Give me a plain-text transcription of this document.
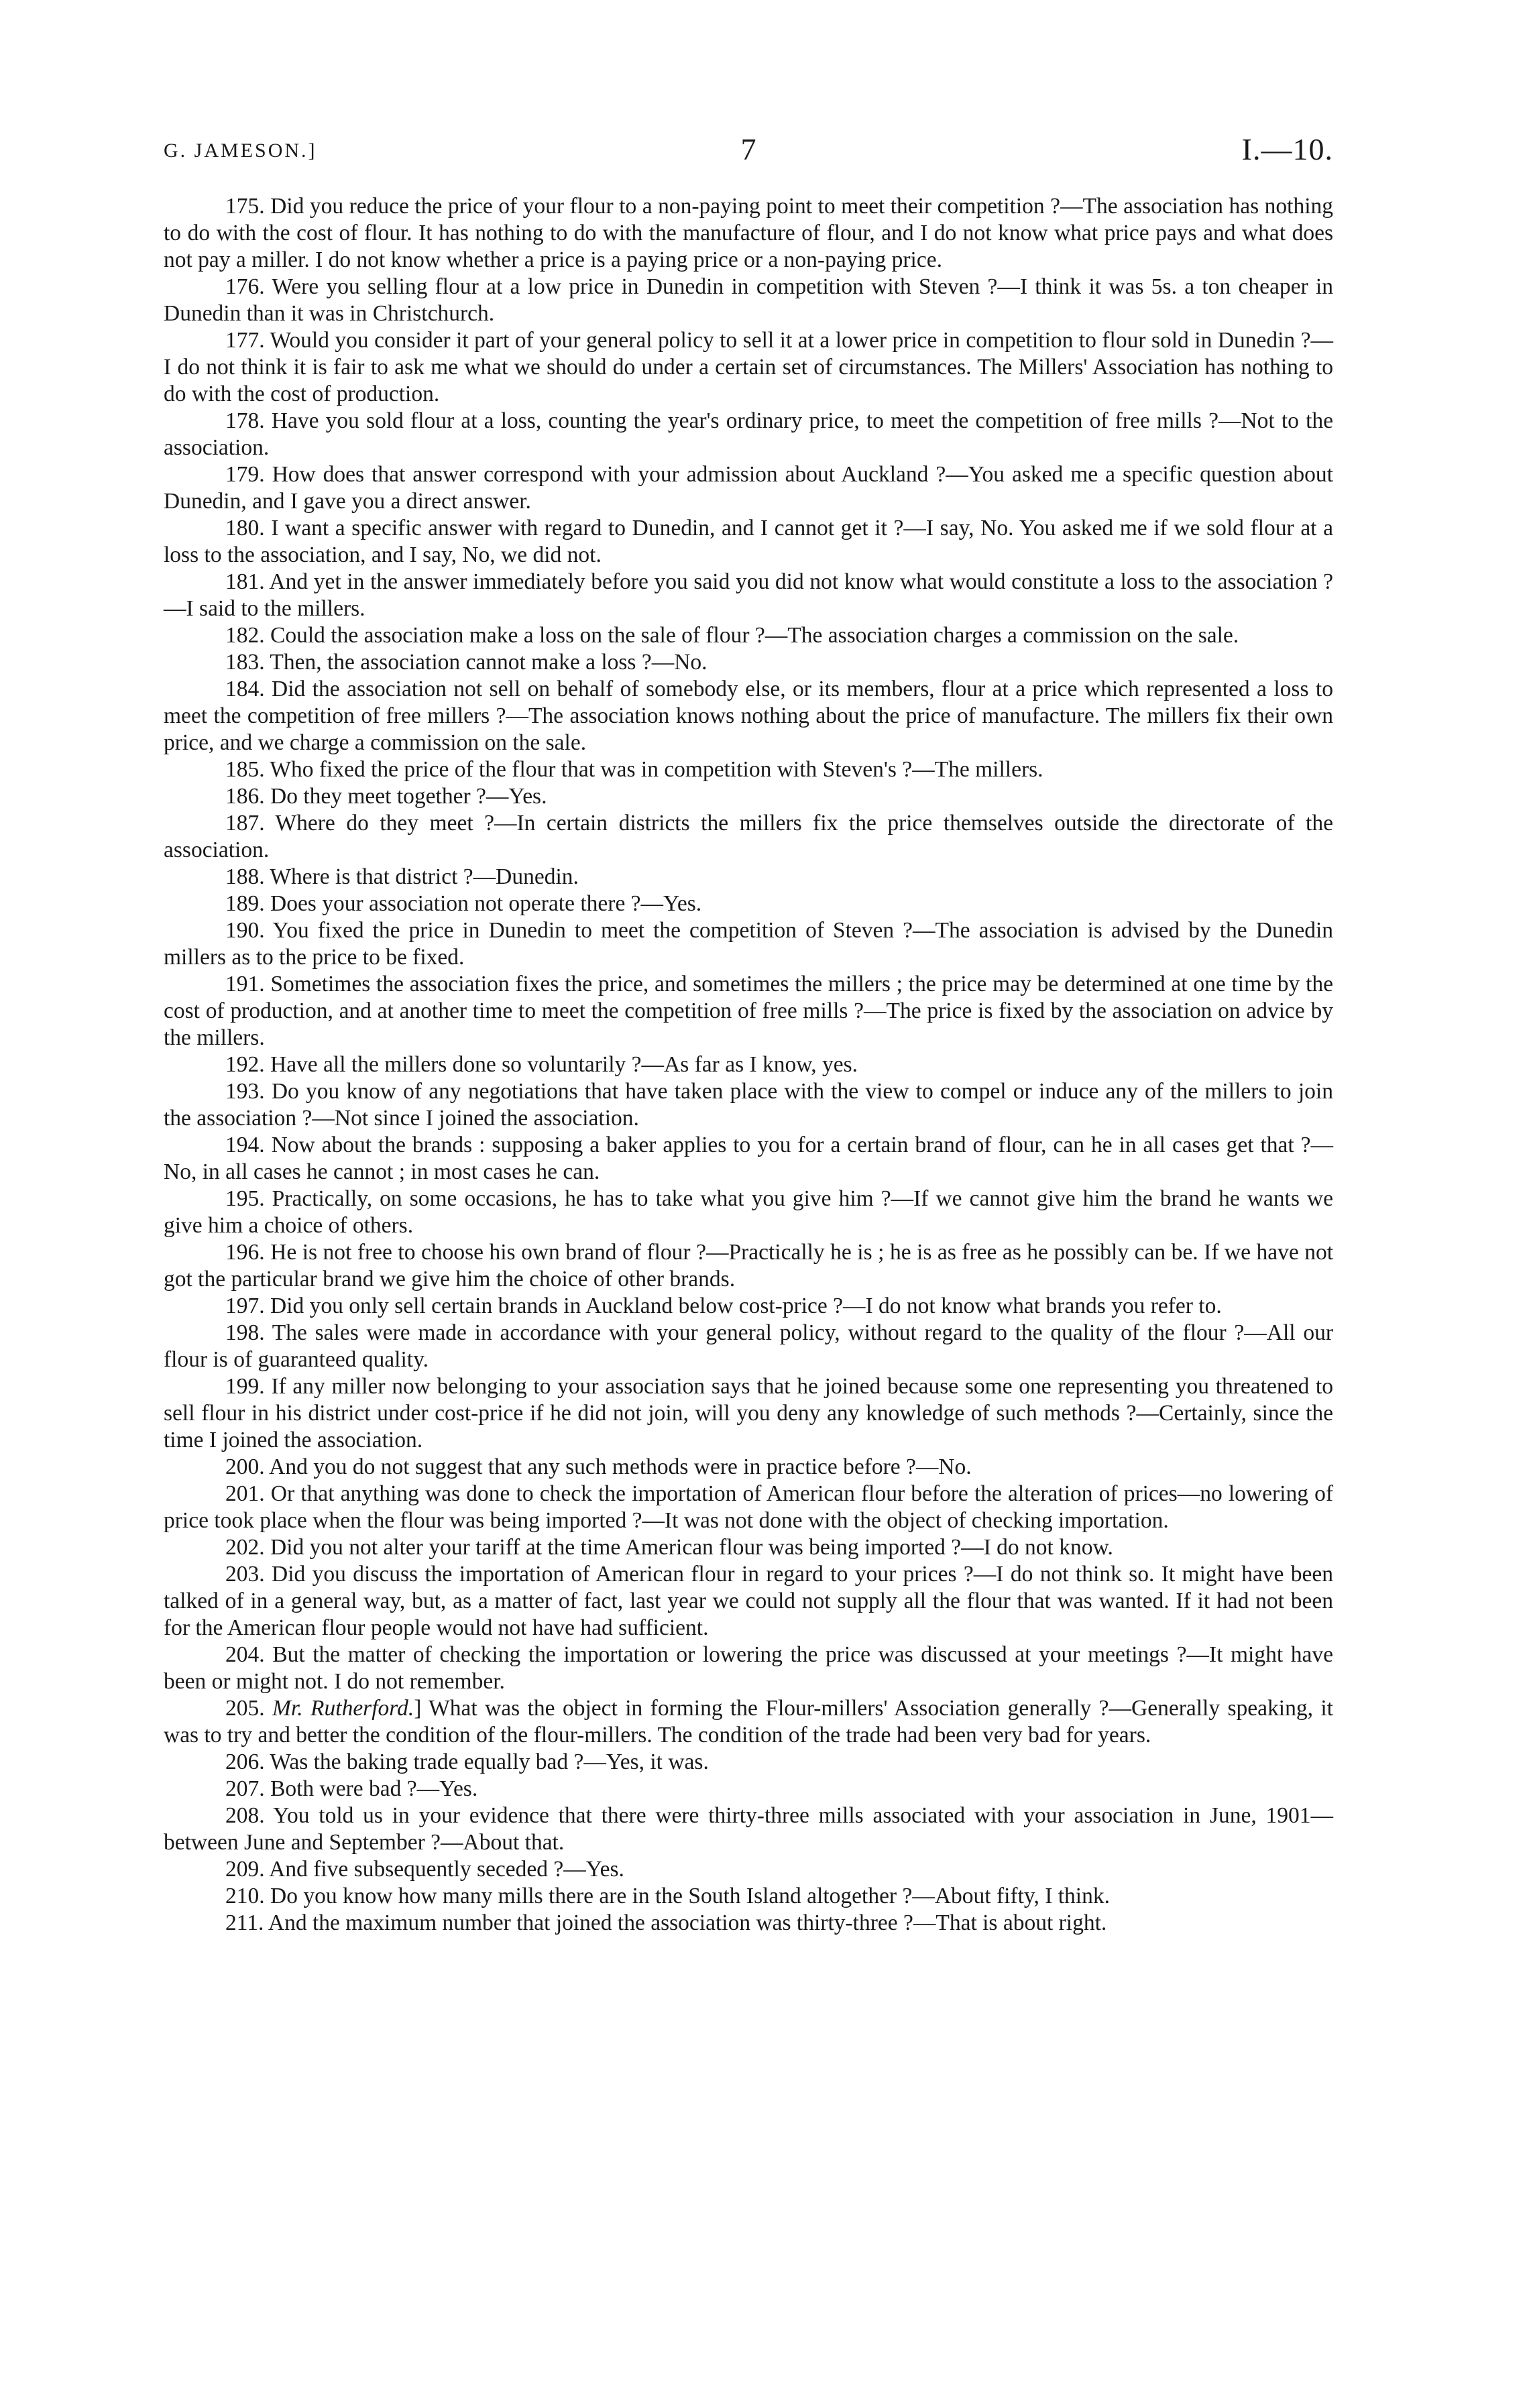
G. JAMESON.]	7	I.—10.

175. Did you reduce the price of your flour to a non-paying point to meet their competition ?—The association has nothing to do with the cost of flour. It has nothing to do with the manufacture of flour, and I do not know what price pays and what does not pay a miller. I do not know whether a price is a paying price or a non-paying price.

176. Were you selling flour at a low price in Dunedin in competition with Steven ?—I think it was 5s. a ton cheaper in Dunedin than it was in Christchurch.

177. Would you consider it part of your general policy to sell it at a lower price in competition to flour sold in Dunedin ?—I do not think it is fair to ask me what we should do under a certain set of circumstances. The Millers' Association has nothing to do with the cost of production.

178. Have you sold flour at a loss, counting the year's ordinary price, to meet the competition of free mills ?—Not to the association.

179. How does that answer correspond with your admission about Auckland ?—You asked me a specific question about Dunedin, and I gave you a direct answer.

180. I want a specific answer with regard to Dunedin, and I cannot get it ?—I say, No. You asked me if we sold flour at a loss to the association, and I say, No, we did not.

181. And yet in the answer immediately before you said you did not know what would constitute a loss to the association ?—I said to the millers.

182. Could the association make a loss on the sale of flour ?—The association charges a commission on the sale.

183. Then, the association cannot make a loss ?—No.

184. Did the association not sell on behalf of somebody else, or its members, flour at a price which represented a loss to meet the competition of free millers ?—The association knows nothing about the price of manufacture. The millers fix their own price, and we charge a commission on the sale.

185. Who fixed the price of the flour that was in competition with Steven's ?—The millers.

186. Do they meet together ?—Yes.

187. Where do they meet ?—In certain districts the millers fix the price themselves outside the directorate of the association.

188. Where is that district ?—Dunedin.

189. Does your association not operate there ?—Yes.

190. You fixed the price in Dunedin to meet the competition of Steven ?—The association is advised by the Dunedin millers as to the price to be fixed.

191. Sometimes the association fixes the price, and sometimes the millers ; the price may be determined at one time by the cost of production, and at another time to meet the competition of free mills ?—The price is fixed by the association on advice by the millers.

192. Have all the millers done so voluntarily ?—As far as I know, yes.

193. Do you know of any negotiations that have taken place with the view to compel or induce any of the millers to join the association ?—Not since I joined the association.

194. Now about the brands : supposing a baker applies to you for a certain brand of flour, can he in all cases get that ?—No, in all cases he cannot ; in most cases he can.

195. Practically, on some occasions, he has to take what you give him ?—If we cannot give him the brand he wants we give him a choice of others.

196. He is not free to choose his own brand of flour ?—Practically he is ; he is as free as he possibly can be. If we have not got the particular brand we give him the choice of other brands.

197. Did you only sell certain brands in Auckland below cost-price ?—I do not know what brands you refer to.

198. The sales were made in accordance with your general policy, without regard to the quality of the flour ?—All our flour is of guaranteed quality.

199. If any miller now belonging to your association says that he joined because some one representing you threatened to sell flour in his district under cost-price if he did not join, will you deny any knowledge of such methods ?—Certainly, since the time I joined the association.

200. And you do not suggest that any such methods were in practice before ?—No.

201. Or that anything was done to check the importation of American flour before the alteration of prices—no lowering of price took place when the flour was being imported ?—It was not done with the object of checking importation.

202. Did you not alter your tariff at the time American flour was being imported ?—I do not know.

203. Did you discuss the importation of American flour in regard to your prices ?—I do not think so. It might have been talked of in a general way, but, as a matter of fact, last year we could not supply all the flour that was wanted. If it had not been for the American flour people would not have had sufficient.

204. But the matter of checking the importation or lowering the price was discussed at your meetings ?—It might have been or might not. I do not remember.

205. Mr. Rutherford.] What was the object in forming the Flour-millers' Association generally ?—Generally speaking, it was to try and better the condition of the flour-millers. The condition of the trade had been very bad for years.

206. Was the baking trade equally bad ?—Yes, it was.

207. Both were bad ?—Yes.

208. You told us in your evidence that there were thirty-three mills associated with your association in June, 1901—between June and September ?—About that.

209. And five subsequently seceded ?—Yes.

210. Do you know how many mills there are in the South Island altogether ?—About fifty, I think.

211. And the maximum number that joined the association was thirty-three ?—That is about right.
